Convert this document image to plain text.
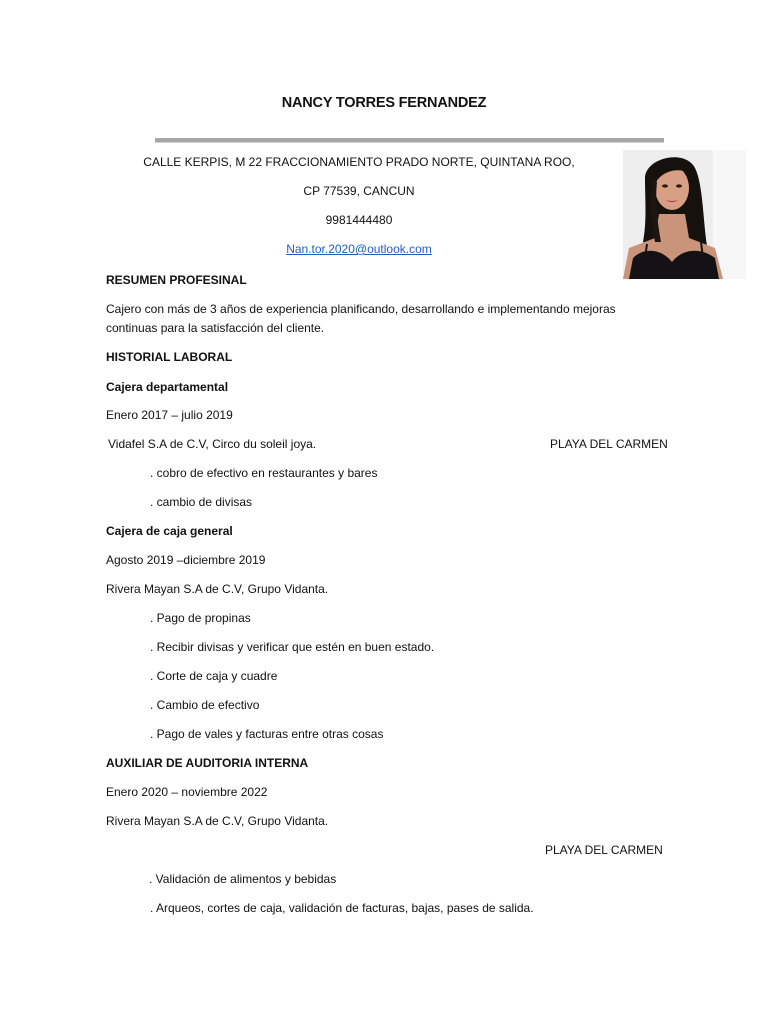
NANCY TORRES FERNANDEZ
CALLE KERPIS, M 22 FRACCIONAMIENTO PRADO NORTE, QUINTANA ROO,
CP 77539, CANCUN
9981444480
Nan.tor.2020@outlook.com
RESUMEN PROFESINAL
Cajero con más de 3 años de experiencia planificando, desarrollando e implementando mejoras
continuas para la satisfacción del cliente.
HISTORIAL LABORAL
Cajera departamental
Enero 2017 – julio 2019
Vidafel S.A de C.V, Circo du soleil joya.	PLAYA DEL CARMEN
. cobro de efectivo en restaurantes y bares
. cambio de divisas
Cajera de caja general
Agosto 2019 –diciembre 2019
Rivera Mayan S.A de C.V, Grupo Vidanta.
. Pago de propinas
. Recibir divisas y verificar que estén en buen estado.
. Corte de caja y cuadre
. Cambio de efectivo
. Pago de vales y facturas entre otras cosas
AUXILIAR DE AUDITORIA INTERNA
Enero 2020 – noviembre 2022
Rivera Mayan S.A de C.V, Grupo Vidanta.
PLAYA DEL CARMEN
. Validación de alimentos y bebidas
. Arqueos, cortes de caja, validación de facturas, bajas, pases de salida.
